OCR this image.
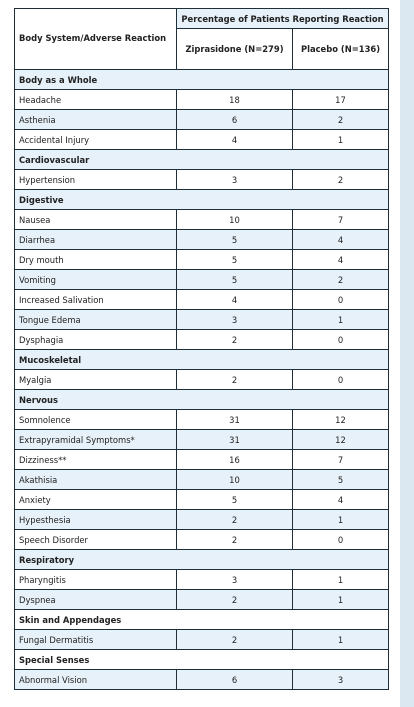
Body System/Adverse Reaction	Percentage of Patients Reporting Reaction	
	Ziprasidone (N=279)	Placebo (N=136)
Body as a Whole		
Headache	18	17
Asthenia	6	2
Accidental Injury	4	1
Cardiovascular		
Hypertension	3	2
Digestive		
Nausea	10	7
Diarrhea	5	4
Dry mouth	5	4
Vomiting	5	2
Increased Salivation	4	0
Tongue Edema	3	1
Dysphagia	2	0
Mucoskeletal		
Myalgia	2	0
Nervous		
Somnolence	31	12
Extrapyramidal Symptoms*	31	12
Dizziness**	16	7
Akathisia	10	5
Anxiety	5	4
Hypesthesia	2	1
Speech Disorder	2	0
Respiratory		
Pharyngitis	3	1
Dyspnea	2	1
Skin and Appendages		
Fungal Dermatitis	2	1
Special Senses		
Abnormal Vision	6	3
